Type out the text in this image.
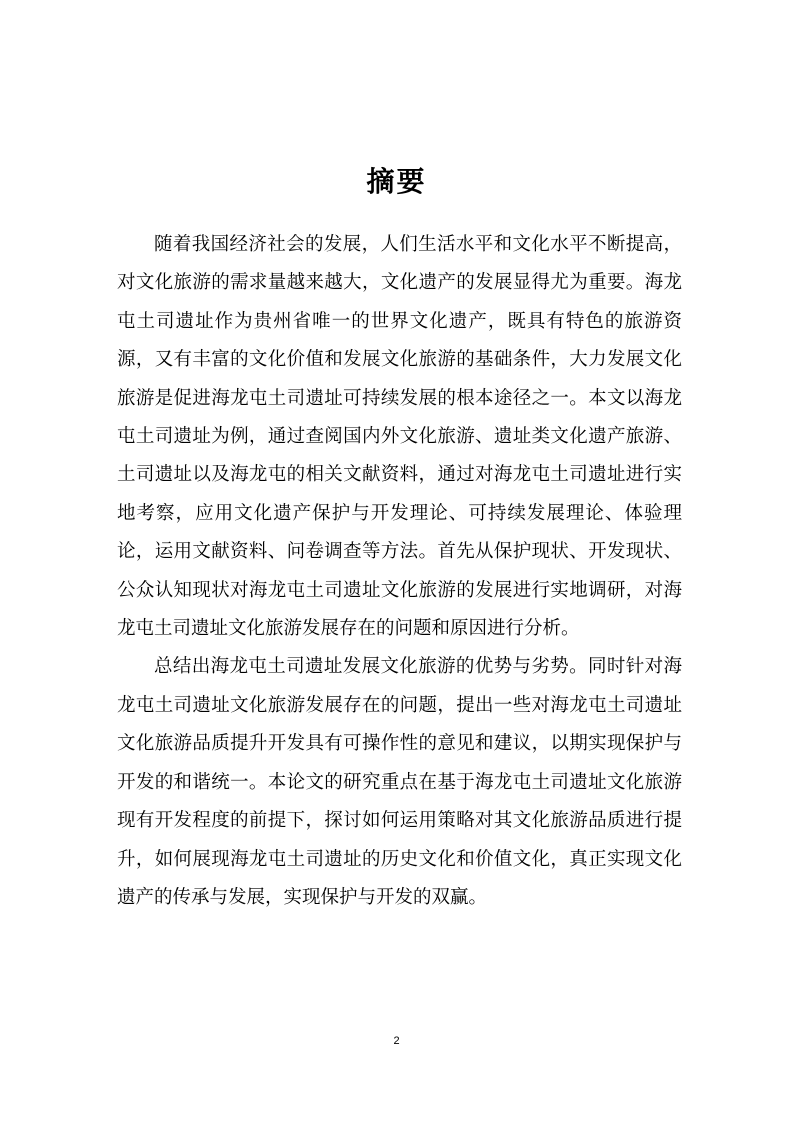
摘要

随着我国经济社会的发展，人们生活水平和文化水平不断提高，对文化旅游的需求量越来越大，文化遗产的发展显得尤为重要。海龙屯土司遗址作为贵州省唯一的世界文化遗产，既具有特色的旅游资源，又有丰富的文化价值和发展文化旅游的基础条件，大力发展文化旅游是促进海龙屯土司遗址可持续发展的根本途径之一。本文以海龙屯土司遗址为例，通过查阅国内外文化旅游、遗址类文化遗产旅游、土司遗址以及海龙屯的相关文献资料，通过对海龙屯土司遗址进行实地考察，应用文化遗产保护与开发理论、可持续发展理论、体验理论，运用文献资料、问卷调查等方法。首先从保护现状、开发现状、公众认知现状对海龙屯土司遗址文化旅游的发展进行实地调研，对海龙屯土司遗址文化旅游发展存在的问题和原因进行分析。

总结出海龙屯土司遗址发展文化旅游的优势与劣势。同时针对海龙屯土司遗址文化旅游发展存在的问题，提出一些对海龙屯土司遗址文化旅游品质提升开发具有可操作性的意见和建议，以期实现保护与开发的和谐统一。本论文的研究重点在基于海龙屯土司遗址文化旅游现有开发程度的前提下，探讨如何运用策略对其文化旅游品质进行提升，如何展现海龙屯土司遗址的历史文化和价值文化，真正实现文化遗产的传承与发展，实现保护与开发的双赢。

2
